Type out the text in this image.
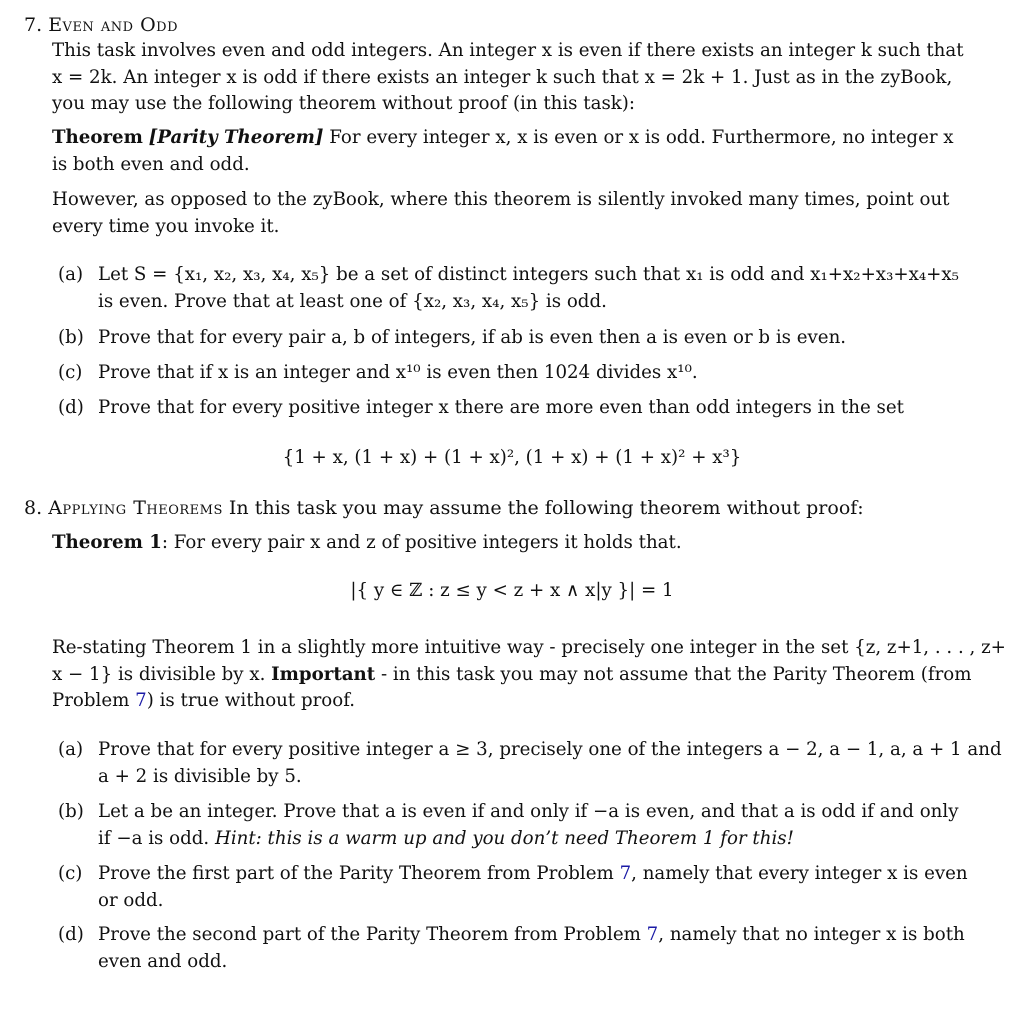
7. Even and Odd
This task involves even and odd integers. An integer x is even if there exists an integer k such that
x = 2k. An integer x is odd if there exists an integer k such that x = 2k + 1. Just as in the zyBook,
you may use the following theorem without proof (in this task):
Theorem [Parity Theorem] For every integer x, x is even or x is odd. Furthermore, no integer x
is both even and odd.
However, as opposed to the zyBook, where this theorem is silently invoked many times, point out
every time you invoke it.
(a) Let S = {x₁, x₂, x₃, x₄, x₅} be a set of distinct integers such that x₁ is odd and x₁+x₂+x₃+x₄+x₅
is even. Prove that at least one of {x₂, x₃, x₄, x₅} is odd.
(b) Prove that for every pair a, b of integers, if ab is even then a is even or b is even.
(c) Prove that if x is an integer and x¹⁰ is even then 1024 divides x¹⁰.
(d) Prove that for every positive integer x there are more even than odd integers in the set
{1 + x, (1 + x) + (1 + x)², (1 + x) + (1 + x)² + x³}
8. Applying Theorems In this task you may assume the following theorem without proof:
Theorem 1: For every pair x and z of positive integers it holds that.
|{ y ∈ ℤ : z ≤ y < z + x ∧ x|y }| = 1
Re-stating Theorem 1 in a slightly more intuitive way - precisely one integer in the set {z, z+1, . . . , z+
x − 1} is divisible by x. Important - in this task you may not assume that the Parity Theorem (from
Problem 7) is true without proof.
(a) Prove that for every positive integer a ≥ 3, precisely one of the integers a − 2, a − 1, a, a + 1 and
a + 2 is divisible by 5.
(b) Let a be an integer. Prove that a is even if and only if −a is even, and that a is odd if and only
if −a is odd. Hint: this is a warm up and you don’t need Theorem 1 for this!
(c) Prove the first part of the Parity Theorem from Problem 7, namely that every integer x is even
or odd.
(d) Prove the second part of the Parity Theorem from Problem 7, namely that no integer x is both
even and odd.
